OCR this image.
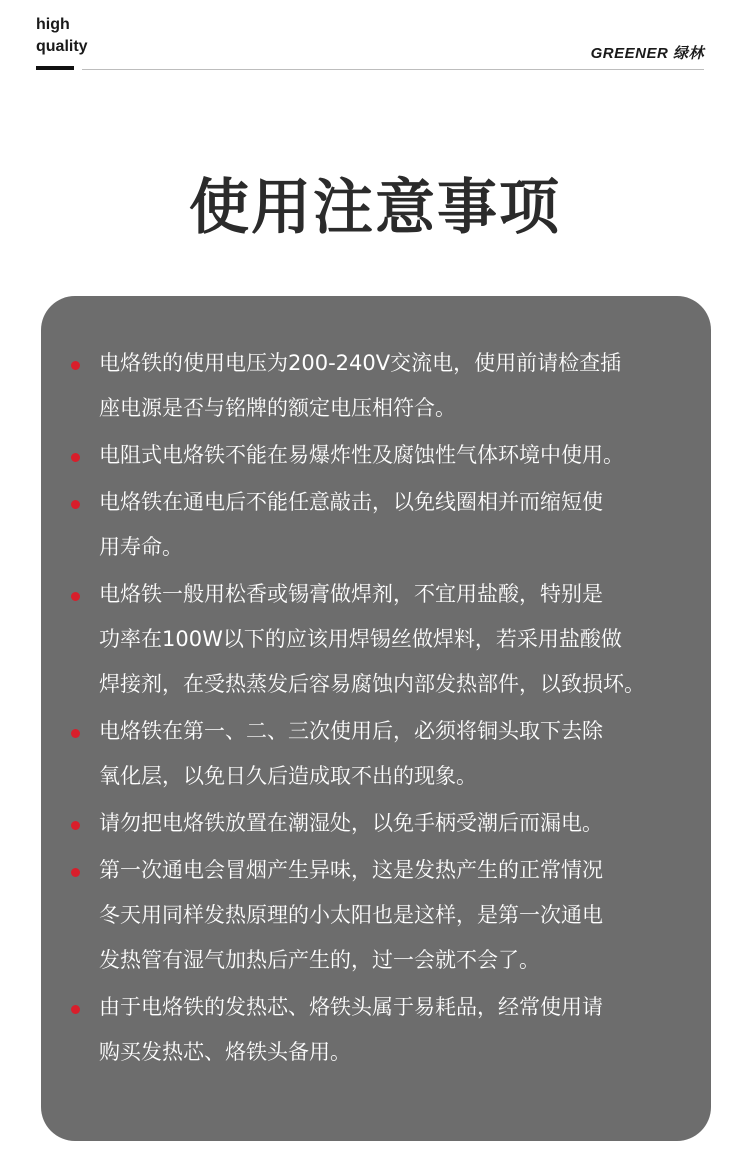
high
quality	GREENER 绿林
使用注意事项
电烙铁的使用电压为200-240V交流电，使用前请检查插
座电源是否与铭牌的额定电压相符合。
电阻式电烙铁不能在易爆炸性及腐蚀性气体环境中使用。
电烙铁在通电后不能任意敲击，以免线圈相并而缩短使
用寿命。
电烙铁一般用松香或锡膏做焊剂，不宜用盐酸，特别是
功率在100W以下的应该用焊锡丝做焊料，若采用盐酸做
焊接剂，在受热蒸发后容易腐蚀内部发热部件，以致损坏。
电烙铁在第一、二、三次使用后，必须将铜头取下去除
氧化层，以免日久后造成取不出的现象。
请勿把电烙铁放置在潮湿处，以免手柄受潮后而漏电。
第一次通电会冒烟产生异味，这是发热产生的正常情况
冬天用同样发热原理的小太阳也是这样，是第一次通电
发热管有湿气加热后产生的，过一会就不会了。
由于电烙铁的发热芯、烙铁头属于易耗品，经常使用请
购买发热芯、烙铁头备用。
